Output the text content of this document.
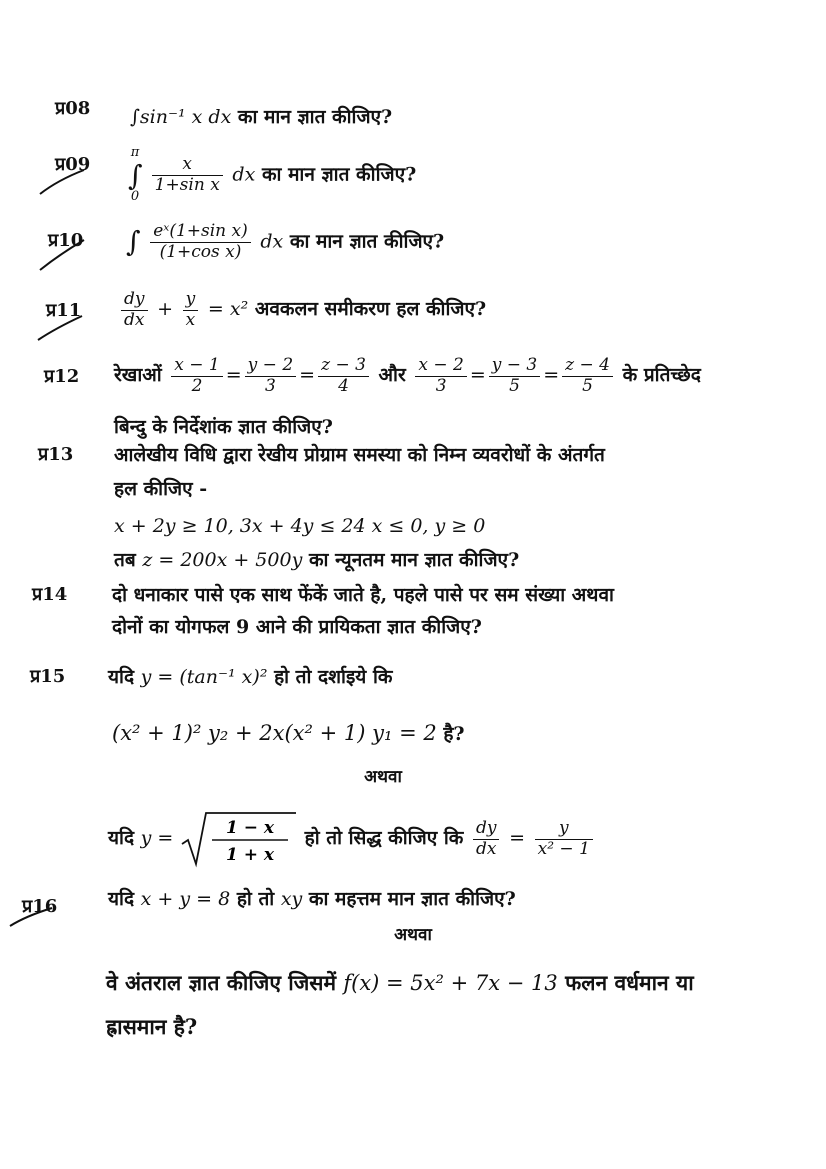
प्र08 ∫sin⁻¹ x dx का मान ज्ञात कीजिए?
प्र09
π
∫
0

$\frac{x}{\text{1+sin x}}$ dx का मान ज्ञात कीजिए?
प्र10 ∫ $\frac{\text{eˣ(1+sin x)}}{\text{(1+cos x)}}$ dx का मान ज्ञात कीजिए?
प्र11 $\frac{dy}{dx} + \frac{y}{x} = x^2$ अवकलन समीकरण हल कीजिए?
प्र12 रेखाओं $\frac{x - 1}{2} = \frac{y - 2}{3} = \frac{z - 3}{4}$ और $\frac{x - 2}{3} = \frac{y - 3}{5} = \frac{z - 4}{5}$ के प्रतिच्छेद
बिन्दु के निर्देशांक ज्ञात कीजिए?
प्र13 आलेखीय विधि द्वारा रेखीय प्रोग्राम समस्या को निम्न व्यवरोधों के अंतर्गत
हल कीजिए -
x + 2y ≥ 10, 3x + 4y ≤ 24 x ≤ 0, y ≥ 0
तब z = 200x + 500y का न्यूनतम मान ज्ञात कीजिए?
प्र14 दो धनाकार पासे एक साथ फेंकें जाते है, पहले पासे पर सम संख्या अथवा
दोनों का योगफल 9 आने की प्रायिकता ज्ञात कीजिए?
प्र15 यदि y = (tan⁻¹ x)² हो तो दर्शाइये कि
(x² + 1)² y₂ + 2x(x² + 1) y₁ = 2 है?
अथवा
यदि y =	1 − x
1 + x
हो तो सिद्ध कीजिए कि $\frac{dy}{dx} = \frac{y}{\text{x² − 1}}$
प्र16	यदि x + y = 8 हो तो xy का महत्तम मान ज्ञात कीजिए?
अथवा
वे अंतराल ज्ञात कीजिए जिसमें f(x) = 5x² + 7x − 13 फलन वर्धमान या
ह्रासमान है?
